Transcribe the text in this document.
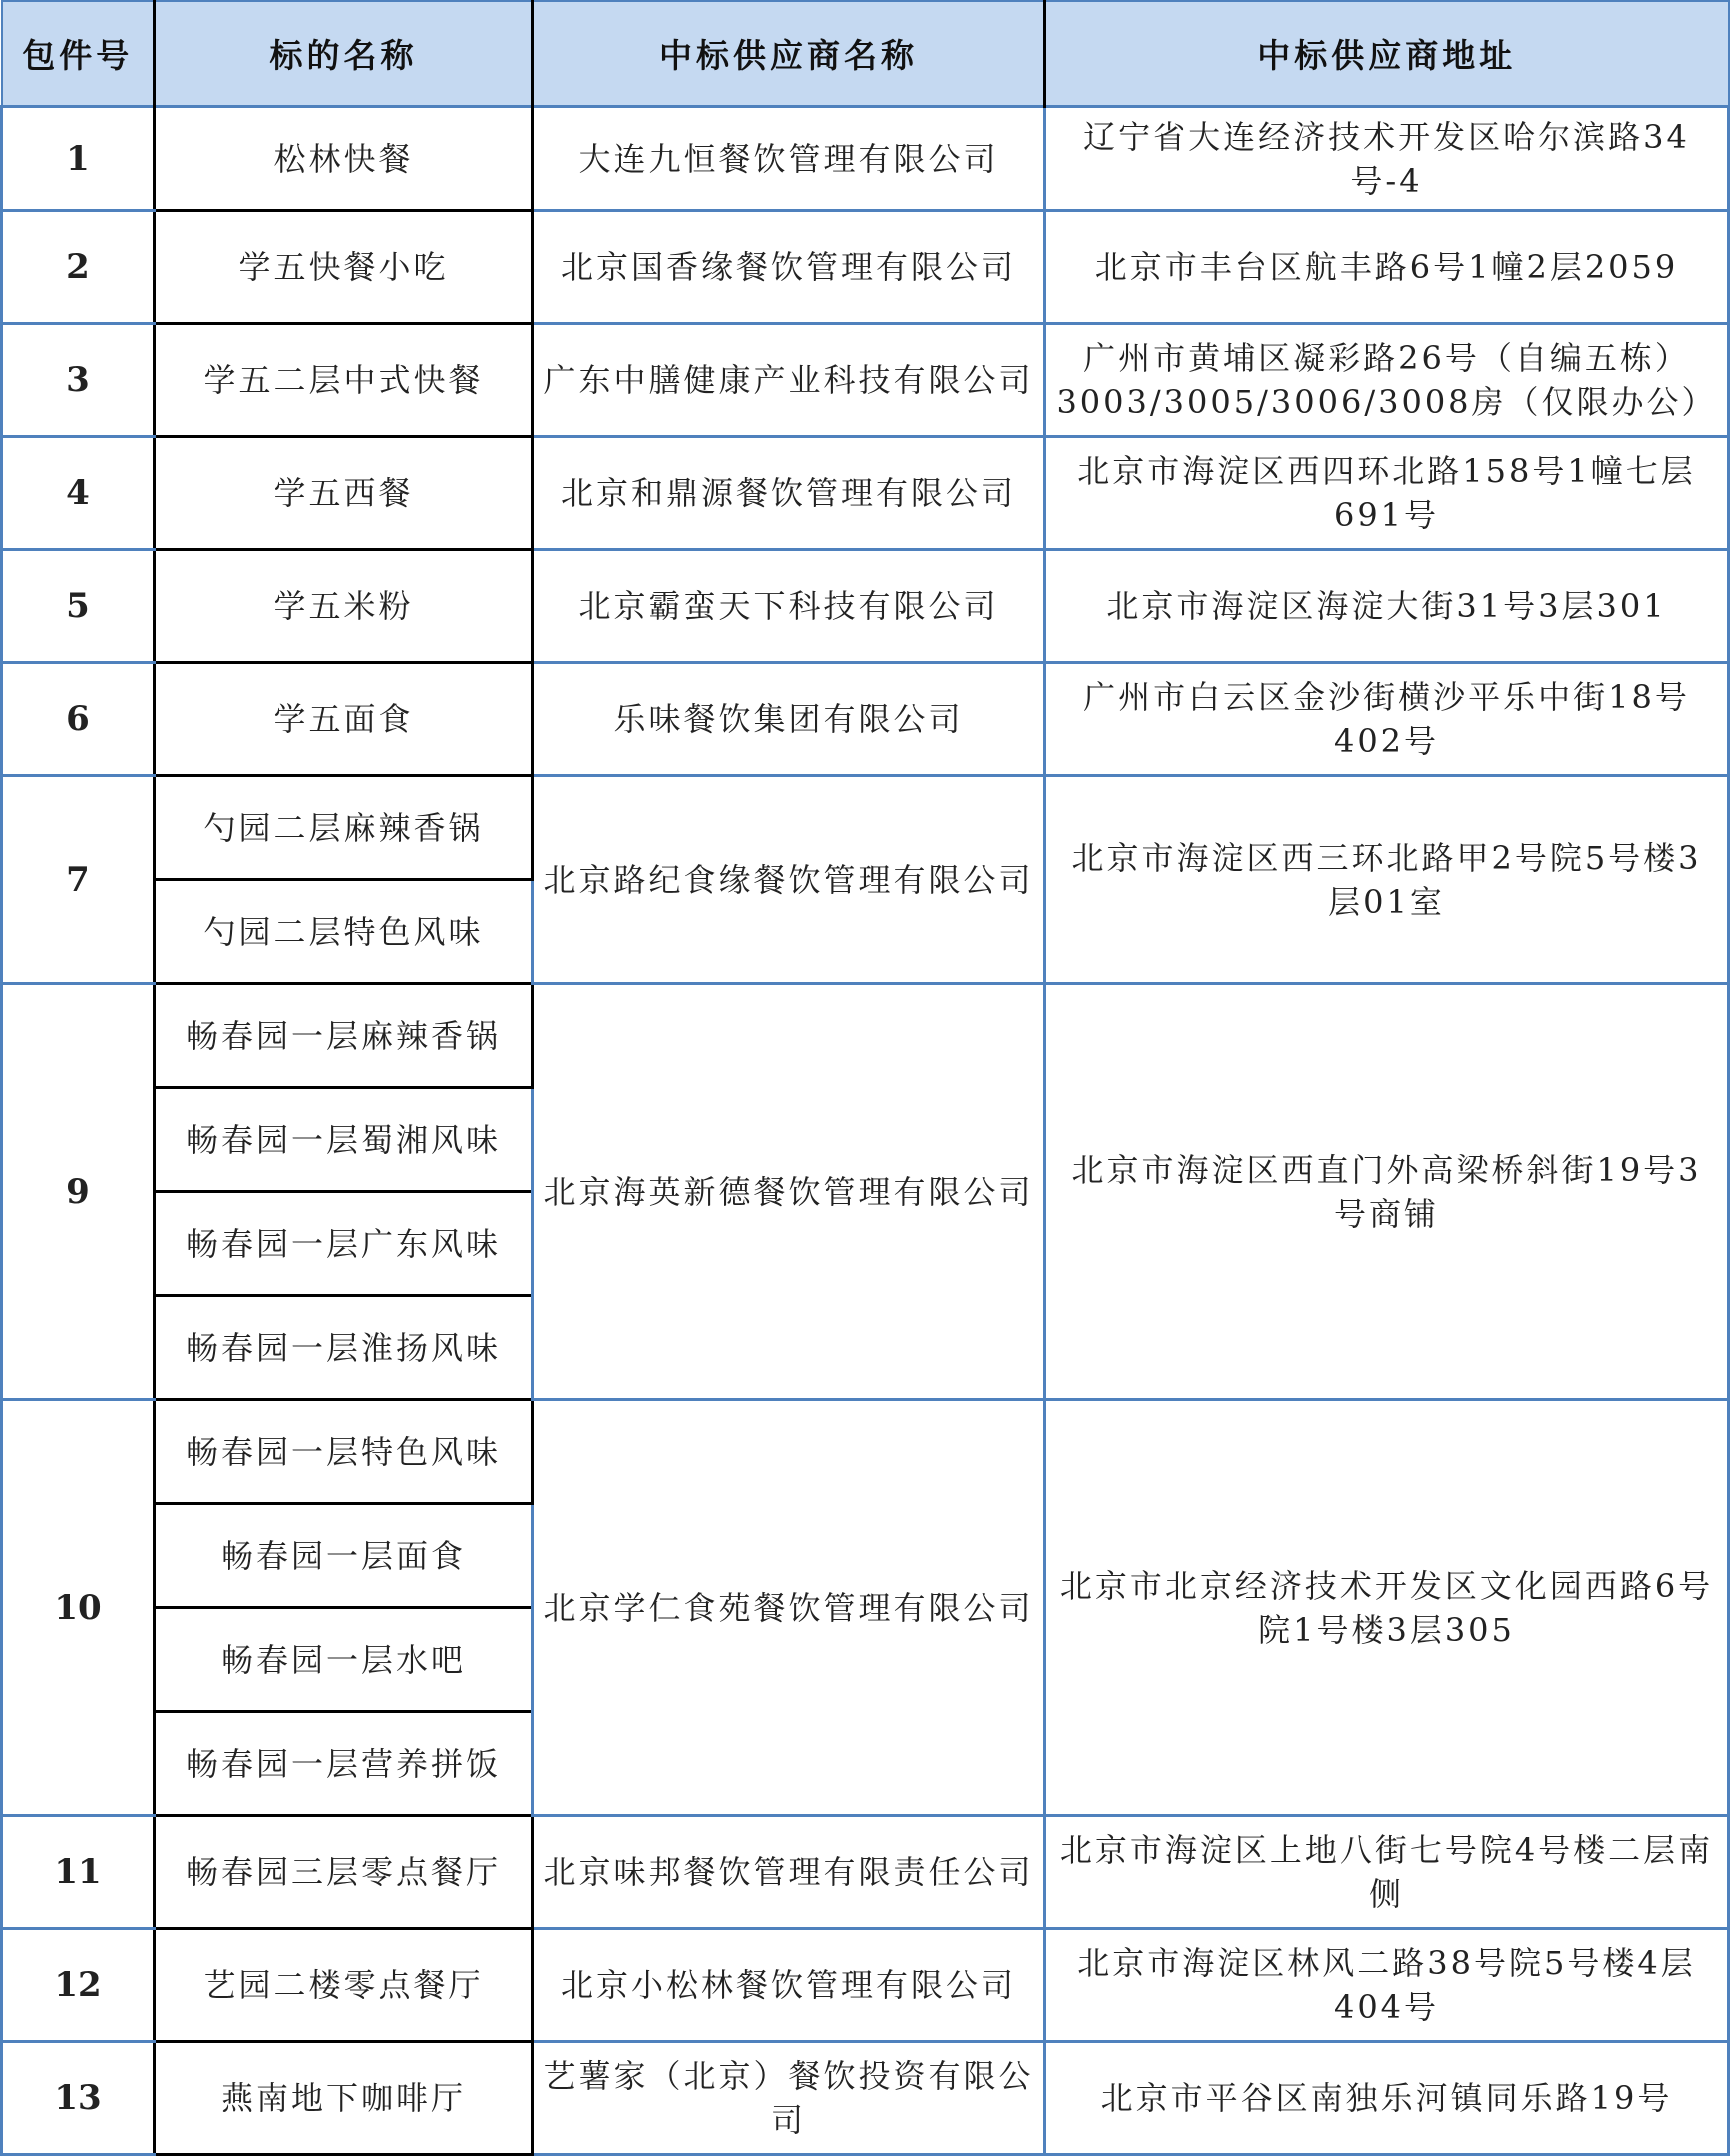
包件号	标的名称	中标供应商名称	中标供应商地址
1	松林快餐	大连九恒餐饮管理有限公司	辽宁省大连经济技术开发区哈尔滨路34号-4
2	学五快餐小吃	北京国香缘餐饮管理有限公司	北京市丰台区航丰路6号1幢2层2059
3	学五二层中式快餐	广东中膳健康产业科技有限公司	广州市黄埔区凝彩路26号（自编五栋）3003/3005/3006/3008房（仅限办公）
4	学五西餐	北京和鼎源餐饮管理有限公司	北京市海淀区西四环北路158号1幢七层691号
5	学五米粉	北京霸蛮天下科技有限公司	北京市海淀区海淀大街31号3层301
6	学五面食	乐味餐饮集团有限公司	广州市白云区金沙街横沙平乐中街18号402号
7	勺园二层麻辣香锅	北京路纪食缘餐饮管理有限公司	北京市海淀区西三环北路甲2号院5号楼3层01室
	勺园二层特色风味		
9	畅春园一层麻辣香锅	北京海英新德餐饮管理有限公司	北京市海淀区西直门外高梁桥斜街19号3号商铺
	畅春园一层蜀湘风味		
	畅春园一层广东风味		
	畅春园一层淮扬风味		
10	畅春园一层特色风味	北京学仁食苑餐饮管理有限公司	北京市北京经济技术开发区文化园西路6号院1号楼3层305
	畅春园一层面食		
	畅春园一层水吧		
	畅春园一层营养拼饭		
11	畅春园三层零点餐厅	北京味邦餐饮管理有限责任公司	北京市海淀区上地八街七号院4号楼二层南侧
12	艺园二楼零点餐厅	北京小松林餐饮管理有限公司	北京市海淀区林风二路38号院5号楼4层404号
13	燕南地下咖啡厅	艺薯家（北京）餐饮投资有限公司	北京市平谷区南独乐河镇同乐路19号
